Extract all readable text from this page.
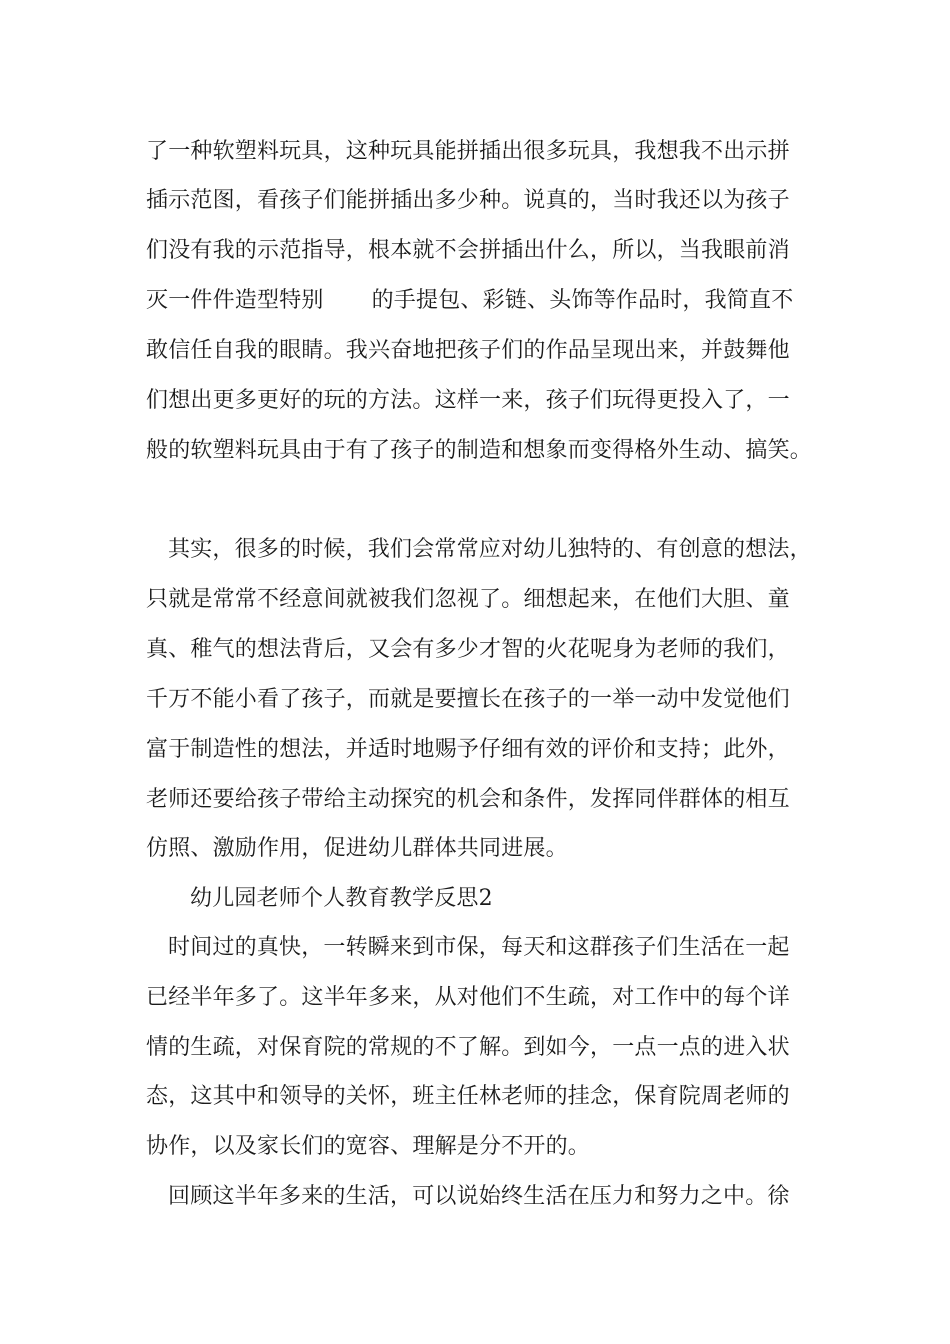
了一种软塑料玩具，这种玩具能拼插出很多玩具，我想我不出示拼
插示范图，看孩子们能拼插出多少种。说真的，当时我还以为孩子
们没有我的示范指导，根本就不会拼插出什么，所以，当我眼前消
灭一件件造型特别 的手提包、彩链、头饰等作品时，我简直不
敢信任自我的眼睛。我兴奋地把孩子们的作品呈现出来，并鼓舞他
们想出更多更好的玩的方法。这样一来，孩子们玩得更投入了，一
般的软塑料玩具由于有了孩子的制造和想象而变得格外生动、搞笑。
其实，很多的时候，我们会常常应对幼儿独特的、有创意的想法，
只就是常常不经意间就被我们忽视了。细想起来，在他们大胆、童
真、稚气的想法背后，又会有多少才智的火花呢身为老师的我们，
千万不能小看了孩子，而就是要擅长在孩子的一举一动中发觉他们
富于制造性的想法，并适时地赐予仔细有效的评价和支持；此外，
老师还要给孩子带给主动探究的机会和条件，发挥同伴群体的相互
仿照、激励作用，促进幼儿群体共同进展。
幼儿园老师个人教育教学反思2
时间过的真快，一转瞬来到市保，每天和这群孩子们生活在一起
已经半年多了。这半年多来，从对他们不生疏，对工作中的每个详
情的生疏，对保育院的常规的不了解。到如今，一点一点的进入状
态，这其中和领导的关怀，班主任林老师的挂念，保育院周老师的
协作，以及家长们的宽容、理解是分不开的。
回顾这半年多来的生活，可以说始终生活在压力和努力之中。徐
